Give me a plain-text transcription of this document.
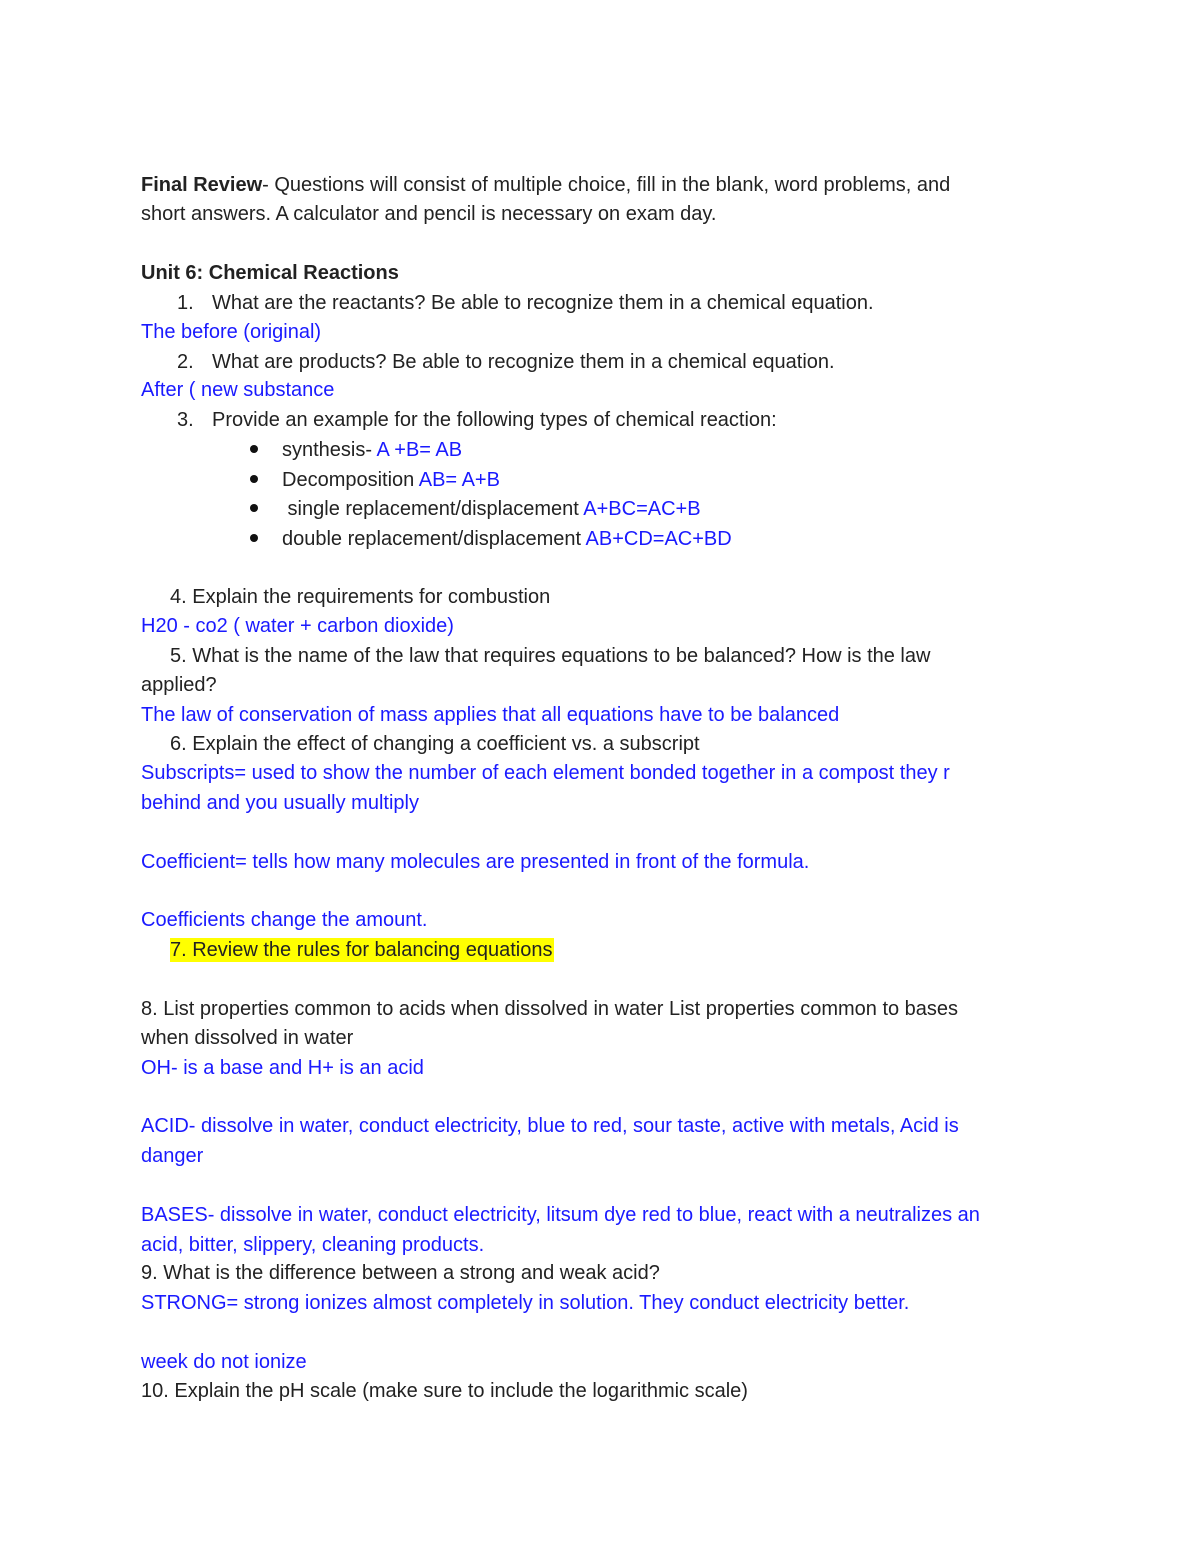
Final Review- Questions will consist of multiple choice, fill in the blank, word problems, and
short answers. A calculator and pencil is necessary on exam day.
Unit 6: Chemical Reactions
1. What are the reactants? Be able to recognize them in a chemical equation.
The before (original)
2. What are products? Be able to recognize them in a chemical equation.
After ( new substance
3. Provide an example for the following types of chemical reaction:
synthesis- A +B= AB
Decomposition AB= A+B
single replacement/displacement A+BC=AC+B
double replacement/displacement AB+CD=AC+BD
4. Explain the requirements for combustion
H20 - co2 ( water + carbon dioxide)
5. What is the name of the law that requires equations to be balanced? How is the law
applied?
The law of conservation of mass applies that all equations have to be balanced
6. Explain the effect of changing a coefficient vs. a subscript
Subscripts= used to show the number of each element bonded together in a compost they r
behind and you usually multiply
Coefficient= tells how many molecules are presented in front of the formula.
Coefficients change the amount.
7. Review the rules for balancing equations
8. List properties common to acids when dissolved in water List properties common to bases
when dissolved in water
OH- is a base and H+ is an acid
ACID- dissolve in water, conduct electricity, blue to red, sour taste, active with metals, Acid is
danger
BASES- dissolve in water, conduct electricity, litsum dye red to blue, react with a neutralizes an
acid, bitter, slippery, cleaning products.
9. What is the difference between a strong and weak acid?
STRONG= strong ionizes almost completely in solution. They conduct electricity better.
week do not ionize
10. Explain the pH scale (make sure to include the logarithmic scale)
